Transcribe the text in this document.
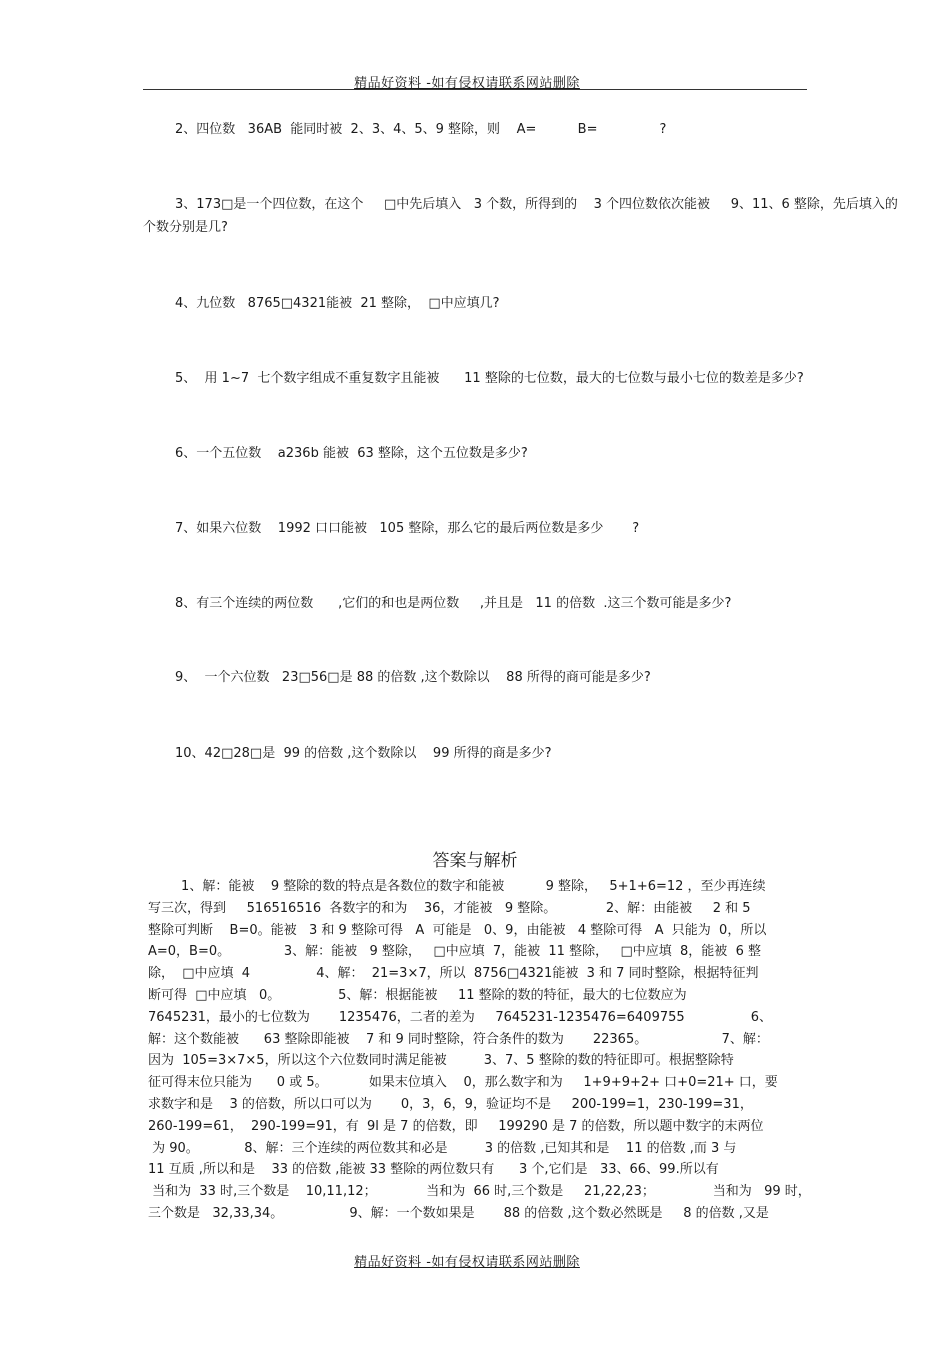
精品好资料 -如有侵权请联系网站删除
2、四位数   36AB  能同时被  2、3、4、5、9 整除，则    A=          B=               ?
3、173□是一个四位数，在这个     □中先后填入   3 个数，所得到的    3 个四位数依次能被     9、11、6 整除，先后填入的
个数分别是几?
4、九位数   8765□4321能被  21 整除，  □中应填几?
5、  用 1~7  七个数字组成不重复数字且能被      11 整除的七位数，最大的七位数与最小七位的数差是多少?
6、一个五位数    a236b 能被  63 整除，这个五位数是多少?
7、如果六位数    1992 口口能被   105 整除，那么它的最后两位数是多少       ?
8、有三个连续的两位数      ,它们的和也是两位数     ,并且是   11 的倍数  .这三个数可能是多少?
9、  一个六位数   23□56□是 88 的倍数 ,这个数除以    88 所得的商可能是多少?
10、42□28□是  99 的倍数 ,这个数除以    99 所得的商是多少?
答案与解析
1、解：能被    9 整除的数的特点是各数位的数字和能被          9 整除，   5+1+6=12 ，至少再连续
写三次，得到     516516516  各数字的和为    36，才能被   9 整除。            2、解：由能被     2 和 5
整除可判断    B=0。能被   3 和 9 整除可得   A  可能是   0、9，由能被   4 整除可得   A  只能为  0，所以
A=0，B=0。             3、解：能被   9 整除，   □中应填  7，能被  11 整除，   □中应填  8，能被  6 整
除，  □中应填  4                4、解：  21=3×7，所以  8756□4321能被  3 和 7 同时整除，根据特征判
断可得  □中应填   0。              5、解：根据能被     11 整除的数的特征，最大的七位数应为
7645231，最小的七位数为       1235476，二者的差为     7645231-1235476=6409755                6、
解：这个数能被      63 整除即能被    7 和 9 同时整除，符合条件的数为       22365。                  7、解：
因为  105=3×7×5，所以这个六位数同时满足能被         3、7、5 整除的数的特征即可。根据整除特
征可得末位只能为      0 或 5。          如果末位填入    0，那么数字和为     1+9+9+2+ 口+0=21+ 口，要
求数字和是    3 的倍数，所以口可以为       0，3，6，9，验证均不是     200-199=1，230-199=31，
260-199=61，  290-199=91，有  9l 是 7 的倍数，即     199290 是 7 的倍数，所以题中数字的末两位
为 90。           8、解：三个连续的两位数其和必是         3 的倍数 ,已知其和是    11 的倍数 ,而 3 与
11 互质 ,所以和是    33 的倍数 ,能被 33 整除的两位数只有      3 个,它们是   33、66、99.所以有
当和为  33 时,三个数是    10,11,12；            当和为  66 时,三个数是     21,22,23；              当和为   99 时，
三个数是   32,33,34。                9、解：一个数如果是       88 的倍数 ,这个数必然既是     8 的倍数 ,又是
精品好资料 -如有侵权请联系网站删除
